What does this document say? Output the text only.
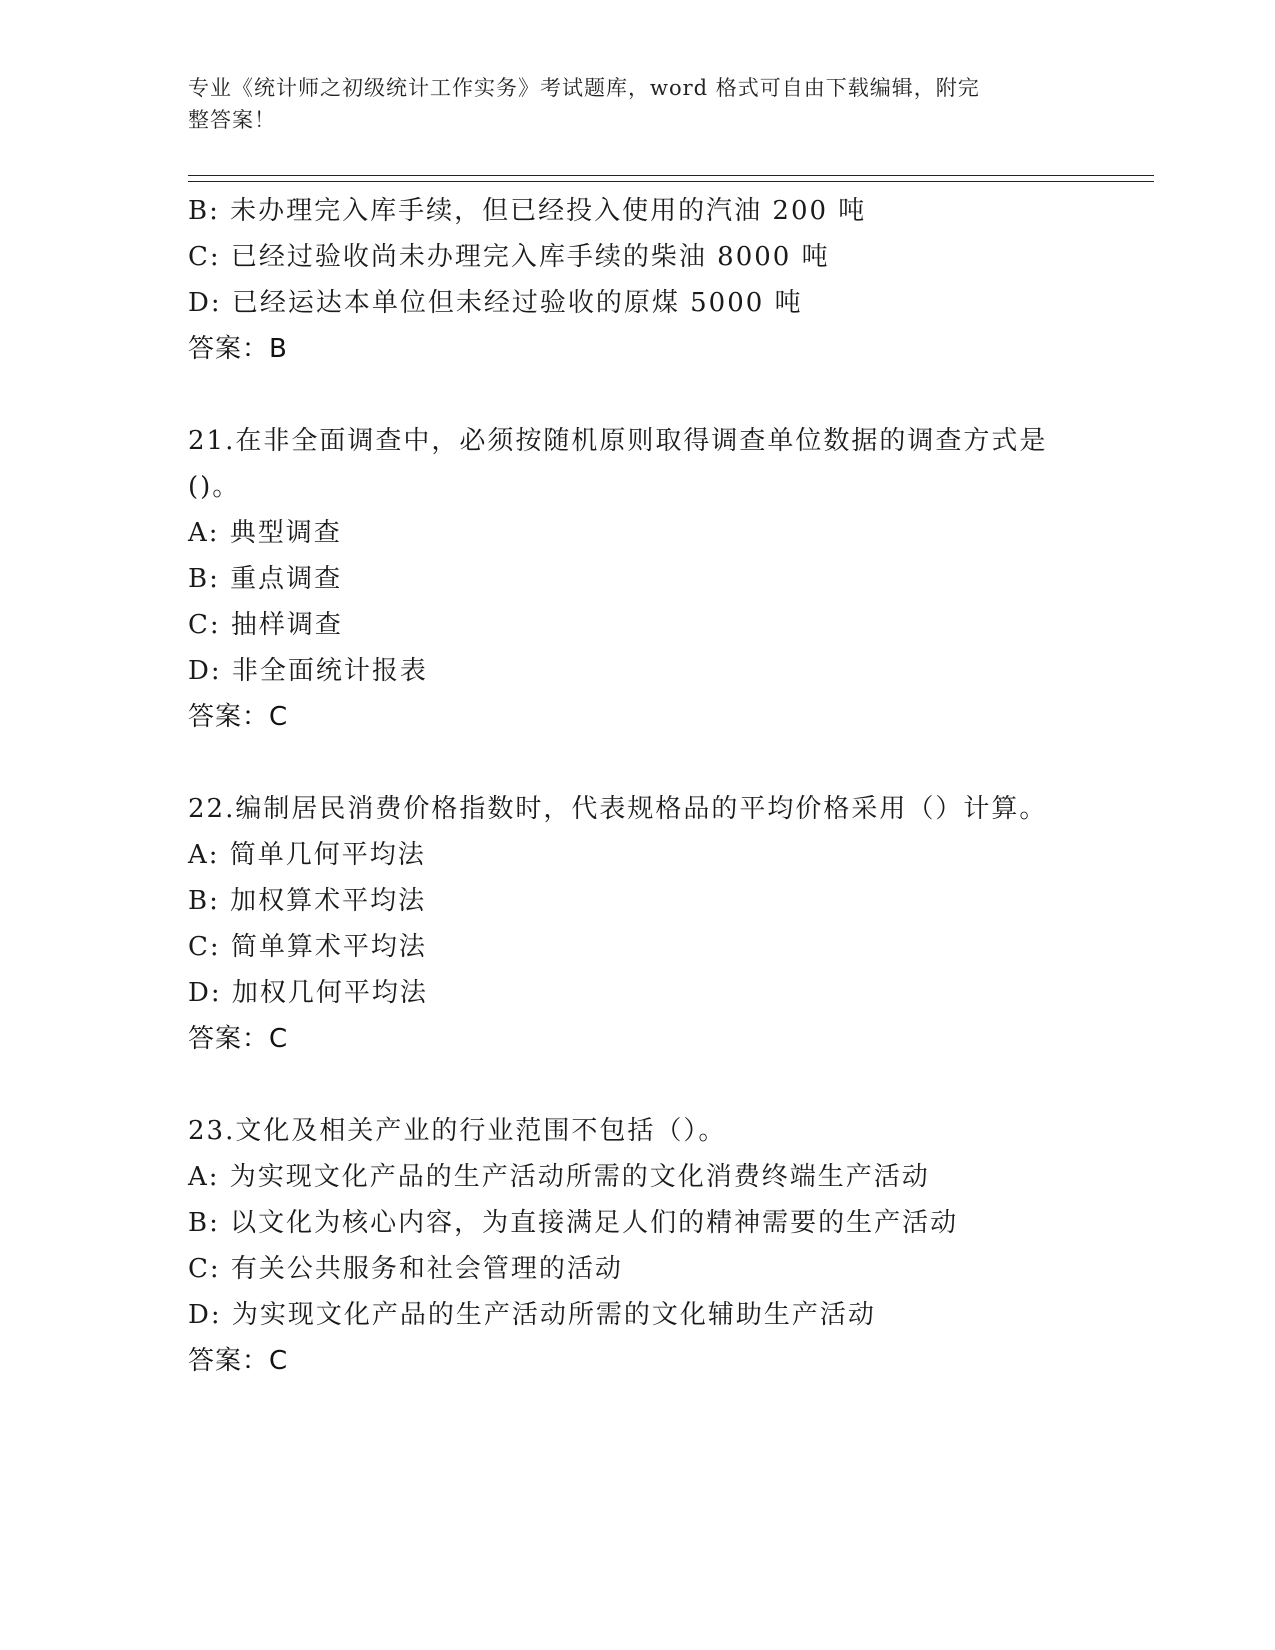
专业《统计师之初级统计工作实务》考试题库，word 格式可自由下载编辑，附完
整答案！
B: 未办理完入库手续，但已经投入使用的汽油 200 吨
C: 已经过验收尚未办理完入库手续的柴油 8000 吨
D: 已经运达本单位但未经过验收的原煤 5000 吨
答案：B
21.在非全面调查中，必须按随机原则取得调查单位数据的调查方式是
()。
A: 典型调查
B: 重点调查
C: 抽样调查
D: 非全面统计报表
答案：C
22.编制居民消费价格指数时，代表规格品的平均价格采用（）计算。
A: 简单几何平均法
B: 加权算术平均法
C: 简单算术平均法
D: 加权几何平均法
答案：C
23.文化及相关产业的行业范围不包括（）。
A: 为实现文化产品的生产活动所需的文化消费终端生产活动
B: 以文化为核心内容，为直接满足人们的精神需要的生产活动
C: 有关公共服务和社会管理的活动
D: 为实现文化产品的生产活动所需的文化辅助生产活动
答案：C
